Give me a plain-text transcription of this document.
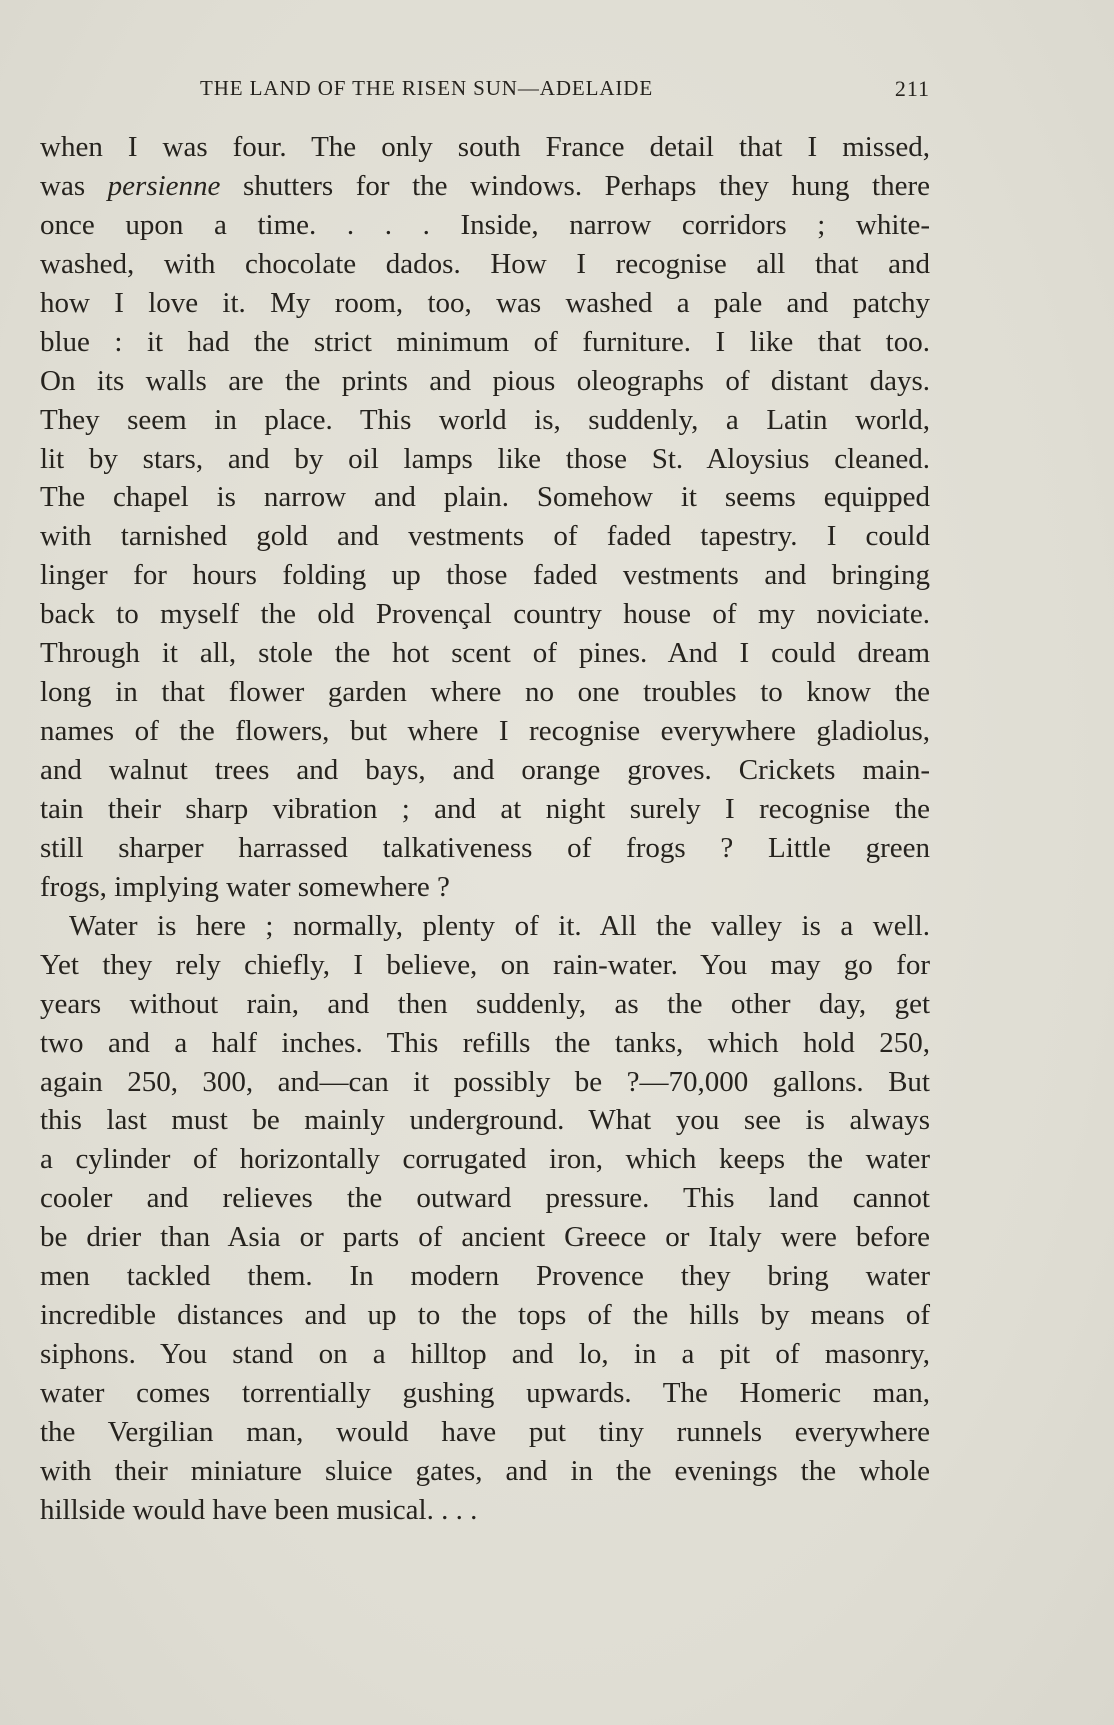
THE LAND OF THE RISEN SUN—ADELAIDE	211
when I was four. The only south France detail that I missed,
was persienne shutters for the windows. Perhaps they hung there
once upon a time. . . . Inside, narrow corridors ; white-
washed, with chocolate dados. How I recognise all that and
how I love it. My room, too, was washed a pale and patchy
blue : it had the strict minimum of furniture. I like that too.
On its walls are the prints and pious oleographs of distant days.
They seem in place. This world is, suddenly, a Latin world,
lit by stars, and by oil lamps like those St. Aloysius cleaned.
The chapel is narrow and plain. Somehow it seems equipped
with tarnished gold and vestments of faded tapestry. I could
linger for hours folding up those faded vestments and bringing
back to myself the old Provençal country house of my noviciate.
Through it all, stole the hot scent of pines. And I could dream
long in that flower garden where no one troubles to know the
names of the flowers, but where I recognise everywhere gladiolus,
and walnut trees and bays, and orange groves. Crickets main-
tain their sharp vibration ; and at night surely I recognise the
still sharper harrassed talkativeness of frogs ? Little green
frogs, implying water somewhere ?
Water is here ; normally, plenty of it. All the valley is a well.
Yet they rely chiefly, I believe, on rain-water. You may go for
years without rain, and then suddenly, as the other day, get
two and a half inches. This refills the tanks, which hold 250,
again 250, 300, and—can it possibly be ?—70,000 gallons. But
this last must be mainly underground. What you see is always
a cylinder of horizontally corrugated iron, which keeps the water
cooler and relieves the outward pressure. This land cannot
be drier than Asia or parts of ancient Greece or Italy were before
men tackled them. In modern Provence they bring water
incredible distances and up to the tops of the hills by means of
siphons. You stand on a hilltop and lo, in a pit of masonry,
water comes torrentially gushing upwards. The Homeric man,
the Vergilian man, would have put tiny runnels everywhere
with their miniature sluice gates, and in the evenings the whole
hillside would have been musical. . . .
